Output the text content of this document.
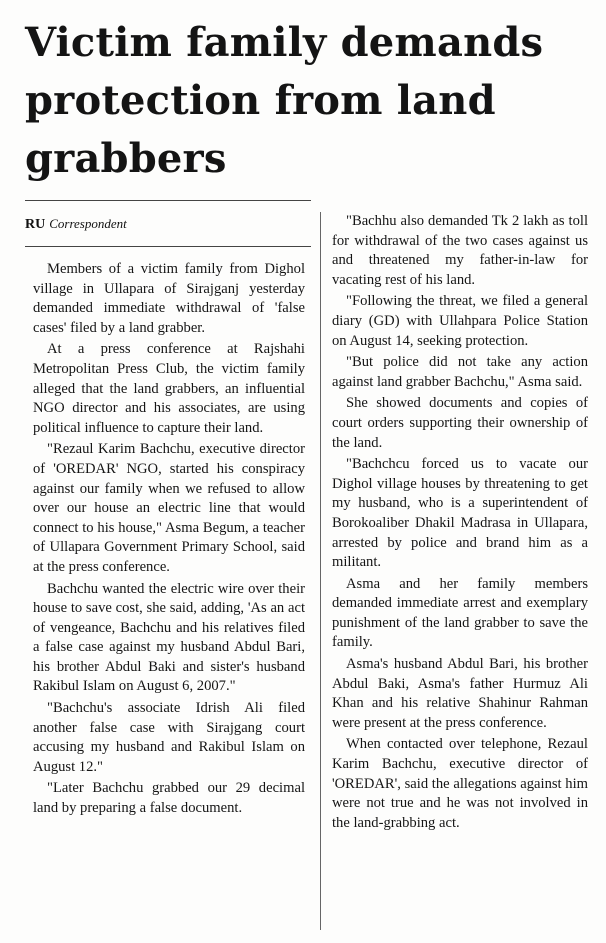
Victim family demands protection from land grabbers
RU Correspondent

Members of a victim family from Dighol village in Ullapara of Sirajganj yesterday demanded immediate withdrawal of 'false cases' filed by a land grabber.

At a press conference at Rajshahi Metropolitan Press Club, the victim family alleged that the land grabbers, an influential NGO director and his associates, are using political influence to capture their land.

"Rezaul Karim Bachchu, executive director of 'OREDAR' NGO, started his conspiracy against our family when we refused to allow over our house an electric line that would connect to his house," Asma Begum, a teacher of Ullapara Government Primary School, said at the press conference.

Bachchu wanted the electric wire over their house to save cost, she said, adding, 'As an act of vengeance, Bachchu and his relatives filed a false case against my husband Abdul Bari, his brother Abdul Baki and sister's husband Rakibul Islam on August 6, 2007."

"Bachchu's associate Idrish Ali filed another false case with Sirajgang court accusing my husband and Rakibul Islam on August 12."

"Later Bachchu grabbed our 29 decimal land by preparing a false document.

"Bachhu also demanded Tk 2 lakh as toll for withdrawal of the two cases against us and threatened my father-in-law for vacating rest of his land.

"Following the threat, we filed a general diary (GD) with Ullahpara Police Station on August 14, seeking protection.

"But police did not take any action against land grabber Bachchu," Asma said.

She showed documents and copies of court orders supporting their ownership of the land.

"Bachchcu forced us to vacate our Dighol village houses by threatening to get my husband, who is a superintendent of Borokoaliber Dhakil Madrasa in Ullapara, arrested by police and brand him as a militant.

Asma and her family members demanded immediate arrest and exemplary punishment of the land grabber to save the family.

Asma's husband Abdul Bari, his brother Abdul Baki, Asma's father Hurmuz Ali Khan and his relative Shahinur Rahman were present at the press conference.

When contacted over telephone, Rezaul Karim Bachchu, executive director of 'OREDAR', said the allegations against him were not true and he was not involved in the land-grabbing act.
